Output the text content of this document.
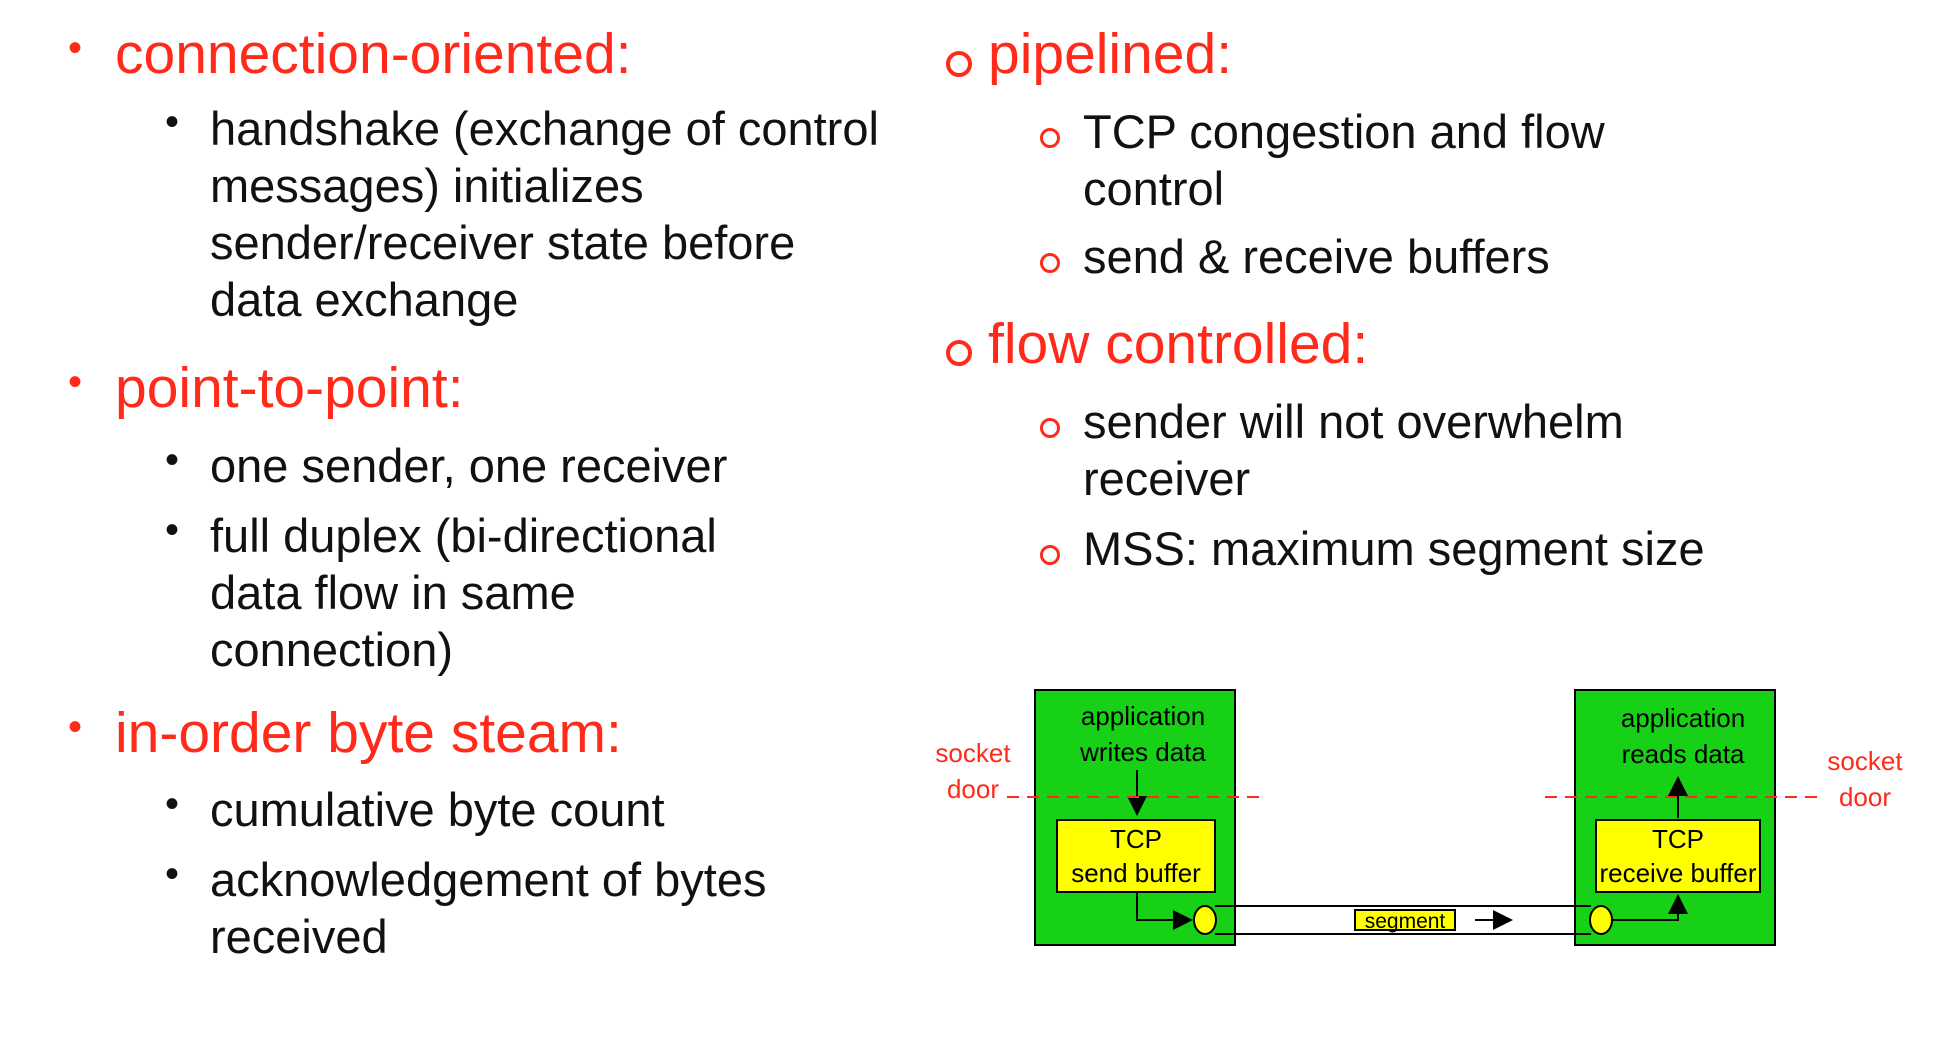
• connection-oriented:
• handshake (exchange of control messages) initializes sender/receiver state before data exchange
• point-to-point:
• one sender, one receiver
• full duplex (bi-directional data flow in same connection)
• in-order byte steam:
• cumulative byte count
• acknowledgement of bytes received
pipelined:
TCP congestion and flow control
send & receive buffers
flow controlled:
sender will not overwhelm receiver
MSS: maximum segment size
application
writes data
TCP
send buffer
application
reads data
TCP
receive buffer
segment
socket
door
socket
door
